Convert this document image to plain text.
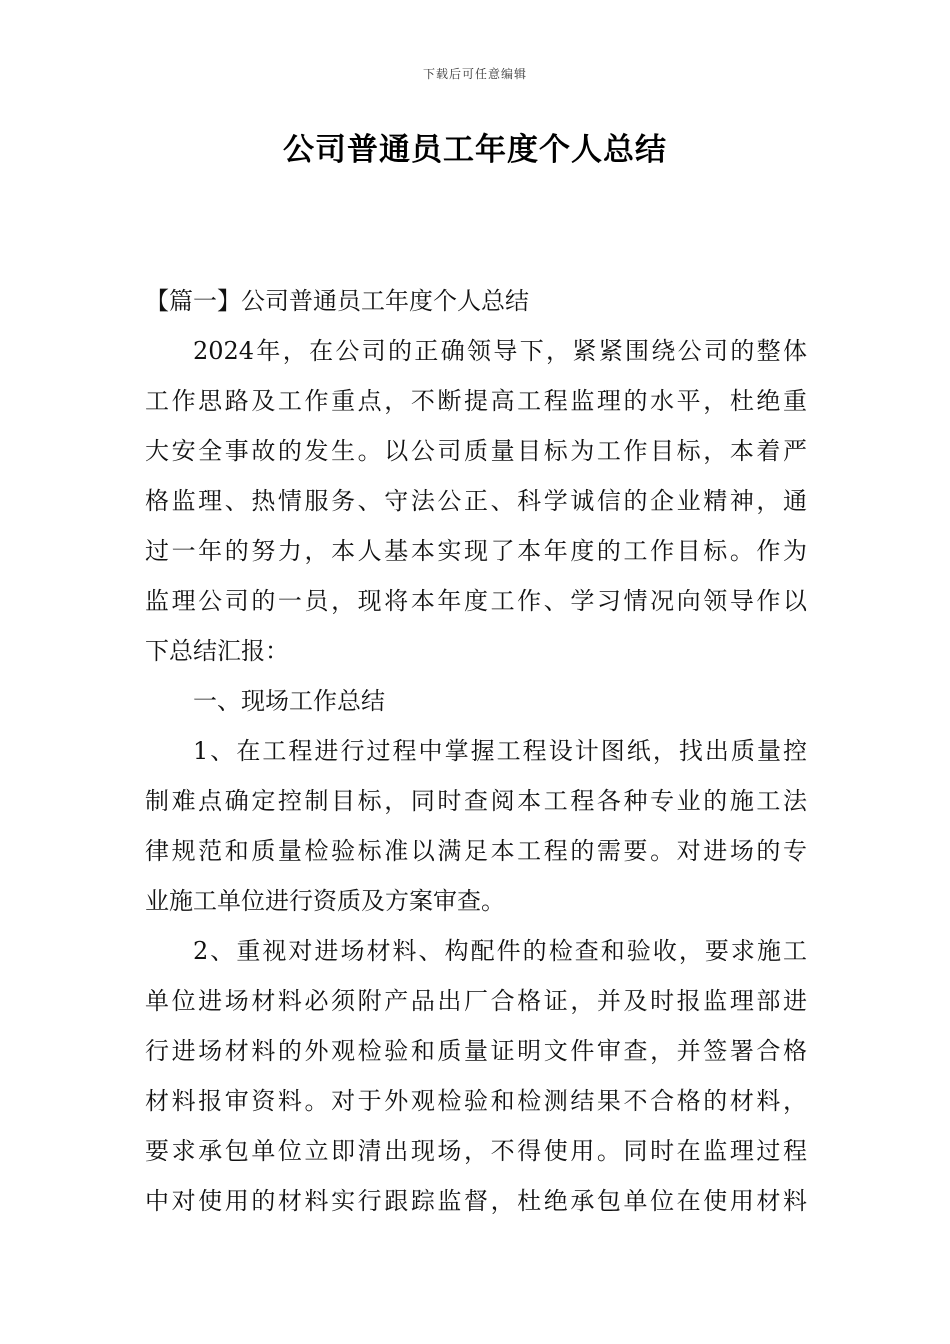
下载后可任意编辑
公司普通员工年度个人总结
【篇一】公司普通员工年度个人总结
2024年，在公司的正确领导下，紧紧围绕公司的整体
工作思路及工作重点，不断提高工程监理的水平，杜绝重
大安全事故的发生。以公司质量目标为工作目标，本着严
格监理、热情服务、守法公正、科学诚信的企业精神，通
过一年的努力，本人基本实现了本年度的工作目标。作为
监理公司的一员，现将本年度工作、学习情况向领导作以
下总结汇报：
一、现场工作总结
1、在工程进行过程中掌握工程设计图纸，找出质量控
制难点确定控制目标，同时查阅本工程各种专业的施工法
律规范和质量检验标准以满足本工程的需要。对进场的专
业施工单位进行资质及方案审查。
2、重视对进场材料、构配件的检查和验收，要求施工
单位进场材料必须附产品出厂合格证，并及时报监理部进
行进场材料的外观检验和质量证明文件审查，并签署合格
材料报审资料。对于外观检验和检测结果不合格的材料，
要求承包单位立即清出现场，不得使用。同时在监理过程
中对使用的材料实行跟踪监督，杜绝承包单位在使用材料
